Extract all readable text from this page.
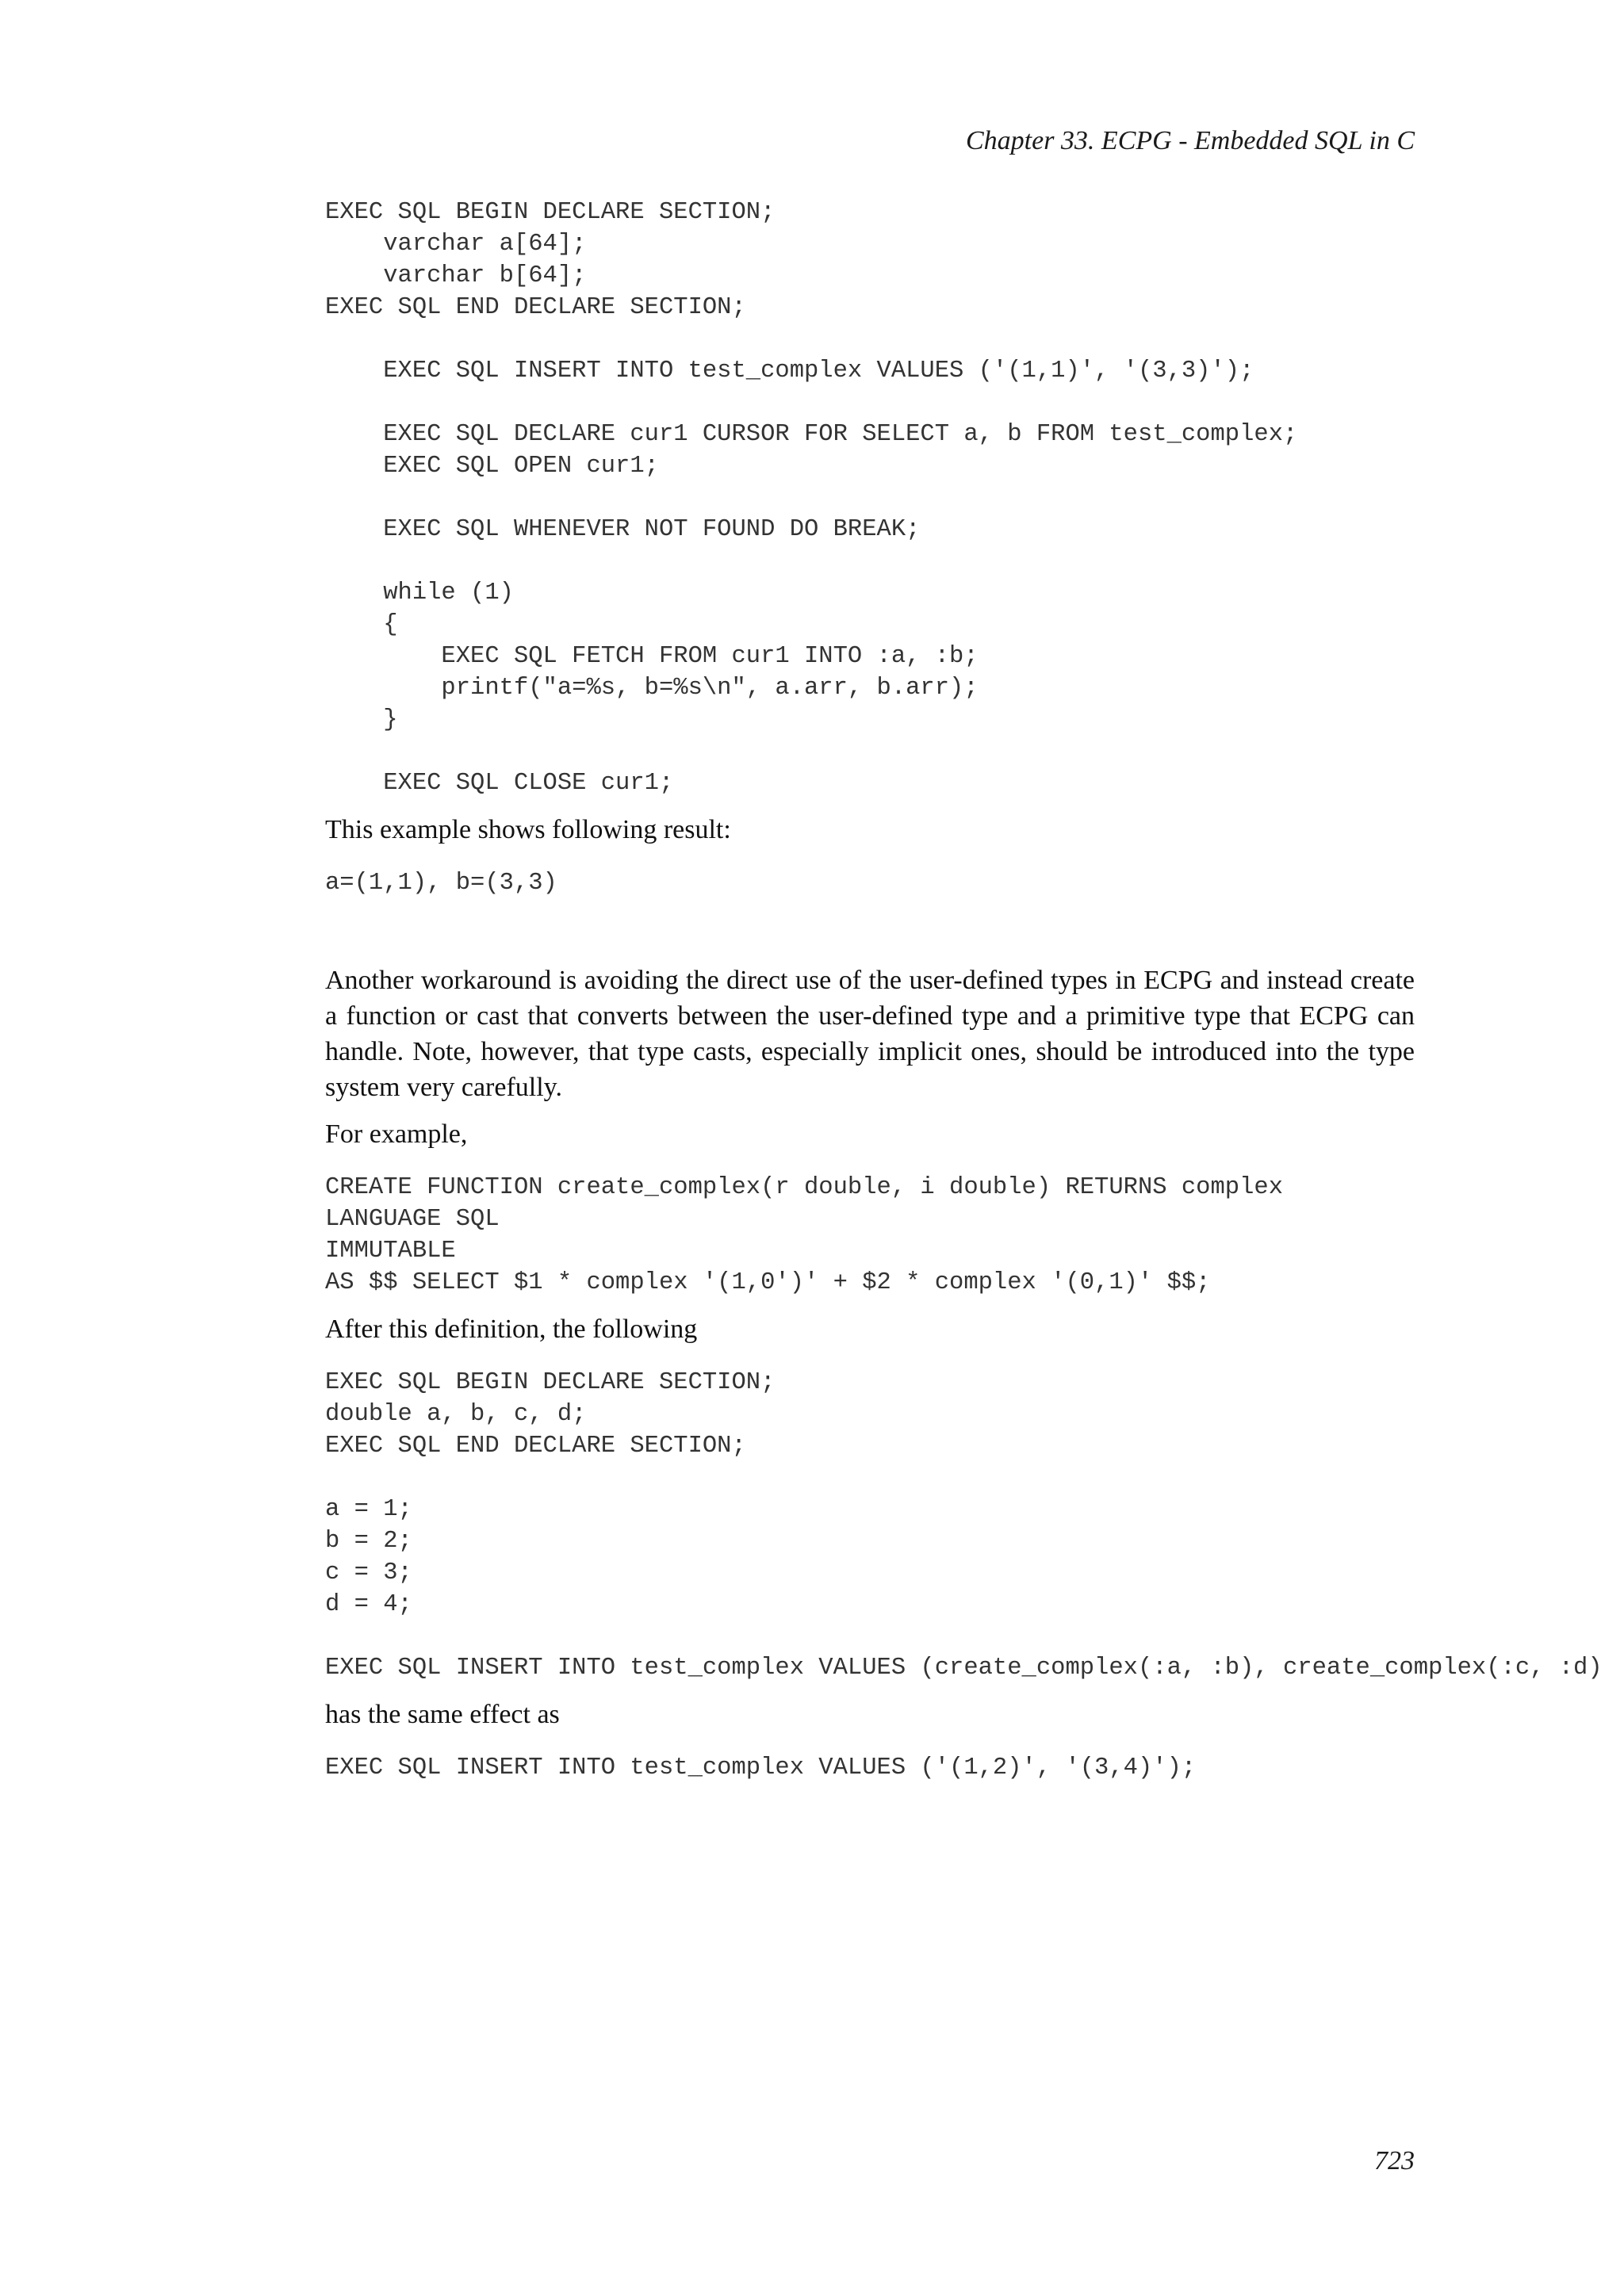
Chapter 33. ECPG - Embedded SQL in C
EXEC SQL BEGIN DECLARE SECTION;
varchar a[64];
varchar b[64];
EXEC SQL END DECLARE SECTION;

EXEC SQL INSERT INTO test_complex VALUES ('(1,1)', '(3,3)');

EXEC SQL DECLARE cur1 CURSOR FOR SELECT a, b FROM test_complex;
EXEC SQL OPEN cur1;

EXEC SQL WHENEVER NOT FOUND DO BREAK;

while (1)
{
EXEC SQL FETCH FROM cur1 INTO :a, :b;
printf("a=%s, b=%s\n", a.arr, b.arr);
}

EXEC SQL CLOSE cur1;

This example shows following result:

a=(1,1), b=(3,3)

Another workaround is avoiding the direct use of the user-defined types in ECPG and instead create a function or cast that converts between the user-defined type and a primitive type that ECPG can handle. Note, however, that type casts, especially implicit ones, should be introduced into the type system very carefully.

For example,

CREATE FUNCTION create_complex(r double, i double) RETURNS complex
LANGUAGE SQL
IMMUTABLE
AS $$ SELECT $1 * complex '(1,0')' + $2 * complex '(0,1)' $$;

After this definition, the following

EXEC SQL BEGIN DECLARE SECTION;
double a, b, c, d;
EXEC SQL END DECLARE SECTION;

a = 1;
b = 2;
c = 3;
d = 4;

EXEC SQL INSERT INTO test_complex VALUES (create_complex(:a, :b), create_complex(:c, :d)

has the same effect as

EXEC SQL INSERT INTO test_complex VALUES ('(1,2)', '(3,4)');
723
